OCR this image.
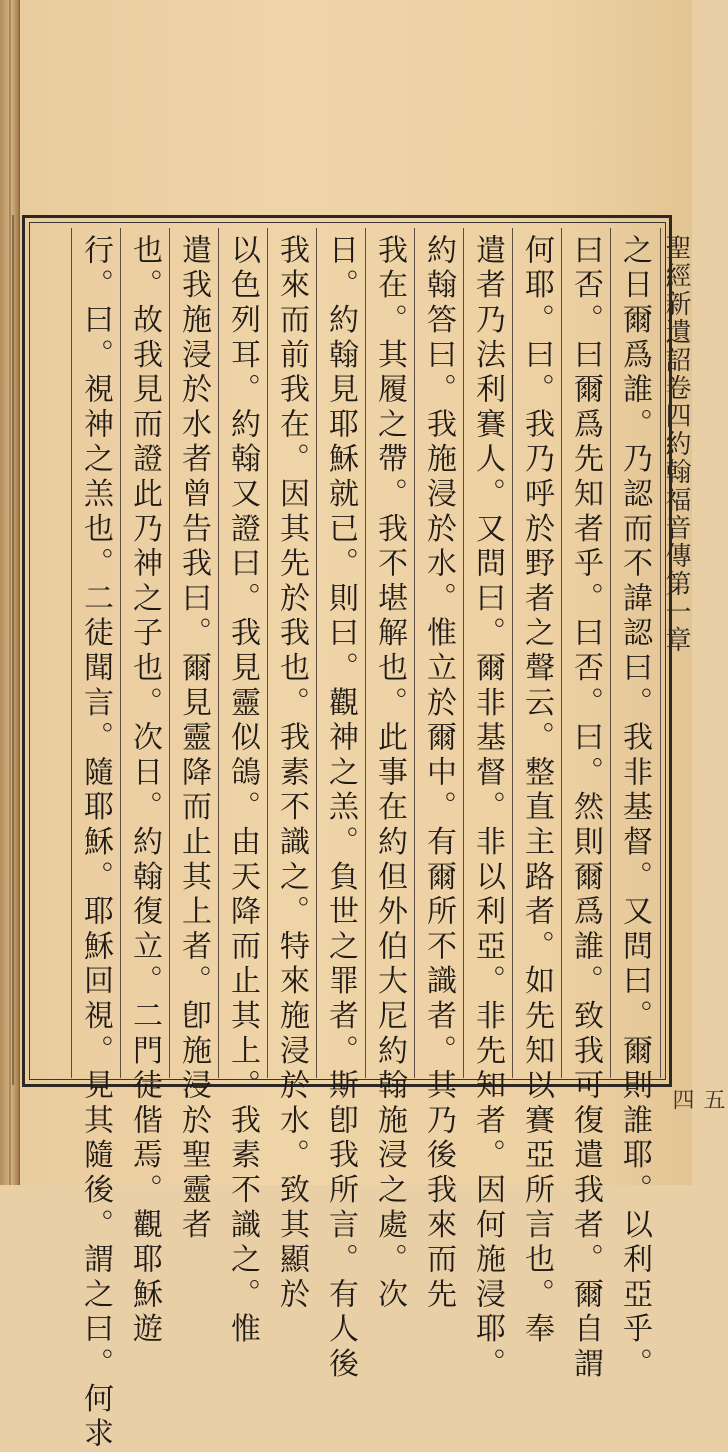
聖經新遺詔卷四約翰福音傳第一章
五四
之日爾爲誰。乃認而不諱認曰。我非基督。又問曰。爾則誰耶。以利亞乎。
曰否。曰爾爲先知者乎。曰否。曰。然則爾爲誰。致我可復遣我者。爾自謂
何耶。曰。我乃呼於野者之聲云。整直主路者。如先知以賽亞所言也。奉
遣者乃法利賽人。又問曰。爾非基督。非以利亞。非先知者。因何施浸耶。
約翰答曰。我施浸於水。惟立於爾中。有爾所不識者。其乃後我來而先
我在。其履之帶。我不堪解也。此事在約但外伯大尼約翰施浸之處。次
日。約翰見耶穌就已。則曰。觀神之羔。負世之罪者。斯卽我所言。有人後
我來而前我在。因其先於我也。我素不識之。特來施浸於水。致其顯於
以色列耳。約翰又證曰。我見靈似鴿。由天降而止其上。我素不識之。惟
遣我施浸於水者曾告我曰。爾見靈降而止其上者。卽施浸於聖靈者
也。故我見而證此乃神之子也。次日。約翰復立。二門徒偕焉。觀耶穌遊
行。曰。視神之羔也。二徒聞言。隨耶穌。耶穌回視。見其隨後。謂之曰。何求
